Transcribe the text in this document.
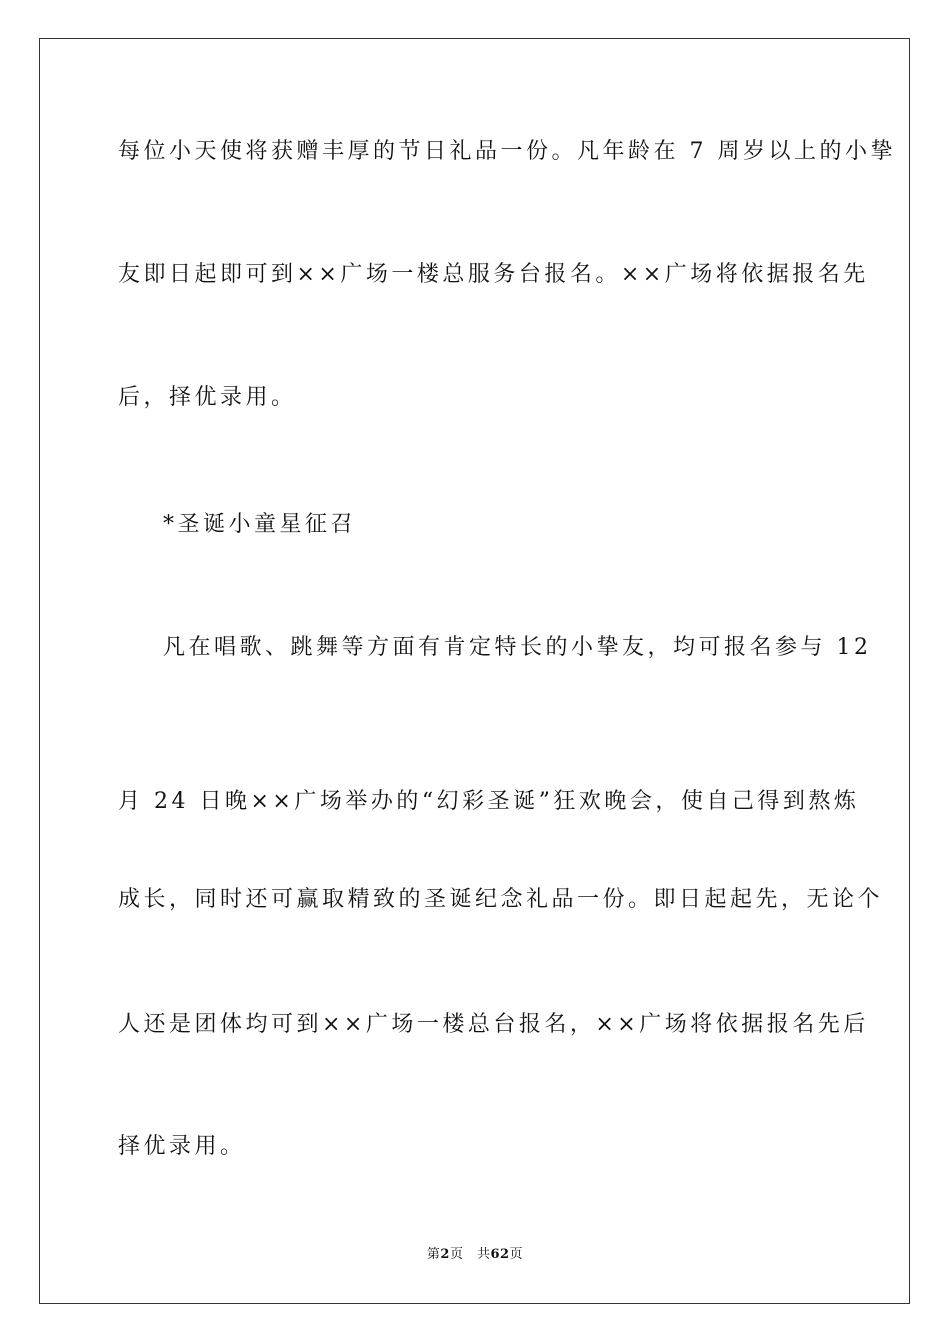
每位小天使将获赠丰厚的节日礼品一份。凡年龄在 7 周岁以上的小挚
友即日起即可到××广场一楼总服务台报名。××广场将依据报名先
后，择优录用。
*圣诞小童星征召
凡在唱歌、跳舞等方面有肯定特长的小挚友，均可报名参与 12
月 24 日晚××广场举办的“幻彩圣诞”狂欢晚会，使自己得到熬炼
成长，同时还可赢取精致的圣诞纪念礼品一份。即日起起先，无论个
人还是团体均可到××广场一楼总台报名，××广场将依据报名先后
择优录用。
第2页　共62页
